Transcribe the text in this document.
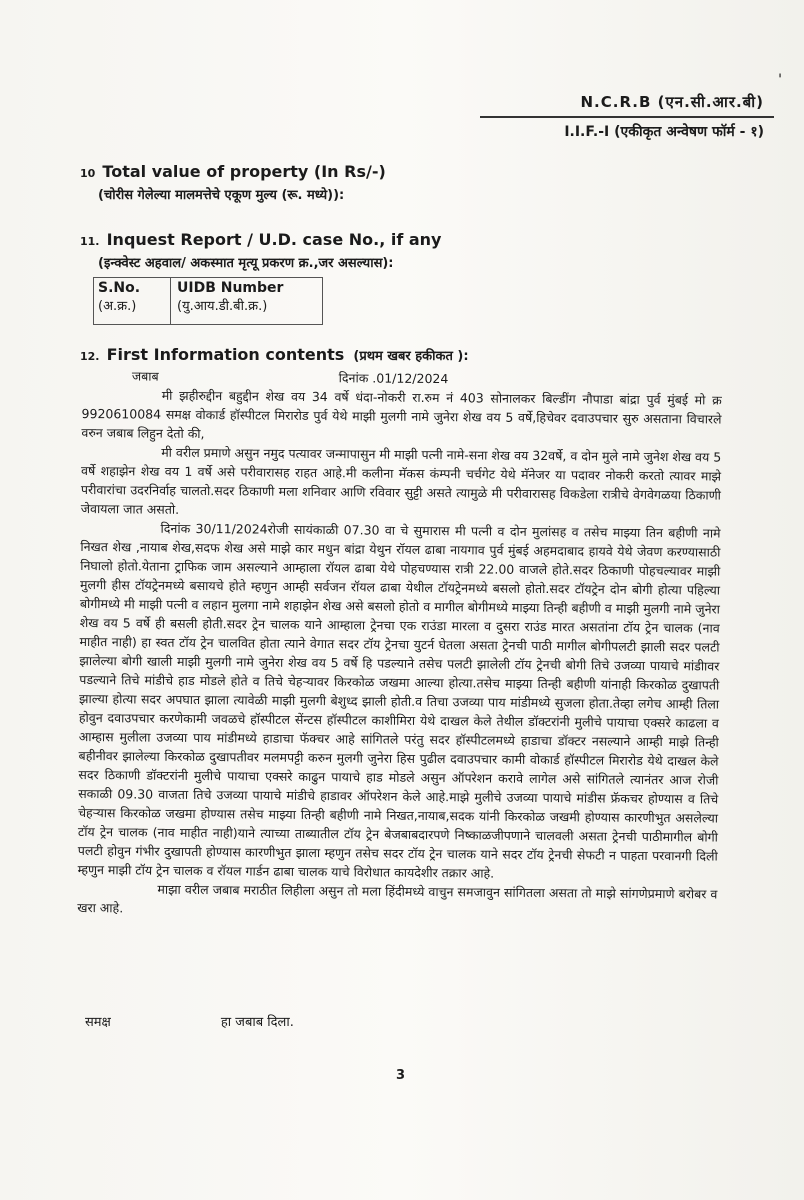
'
N.C.R.B (एन.सी.आर.बी)
I.I.F.-I (एकीकृत अन्वेषण फॉर्म - १)
10 Total value of property (In Rs/-)
(चोरीस गेलेल्या मालमत्तेचे एकूण मुल्य (रू. मध्ये)):
11. Inquest Report / U.D. case No., if any
(इन्क्वेस्ट अहवाल/ अकस्मात मृत्यू प्रकरण क्र.,जर असल्यास):
S.No.
(अ.क्र.)
UIDB Number
(यु.आय.डी.बी.क्र.)
12. First Information contents (प्रथम खबर हकीकत ):

जबाब	दिनांक .01/12/2024

मी झहीरुद्दीन बहुद्दीन शेख वय 34 वर्षे धंदा-नोकरी रा.रुम नं 403 सोनालकर बिल्डींग नौपाडा बांद्रा पुर्व मुंबई मो क्र 9920610084 समक्ष वोकार्ड हॉस्पीटल मिरारोड पुर्व येथे माझी मुलगी नामे जुनेरा शेख वय 5 वर्षे,हिचेवर दवाउपचार सुरु असताना विचारले वरुन जबाब लिहुन देतो की,

मी वरील प्रमाणे असुन नमुद पत्यावर जन्मापासुन मी माझी पत्नी नामे-सना शेख वय 32वर्षे, व दोन मुले नामे जुनेश शेख वय 5 वर्षे शहाझेन शेख वय 1 वर्षे असे परीवारासह राहत आहे.मी कलीना मॅकस कंम्पनी चर्चगेट येथे मॅनेजर या पदावर नोकरी करतो त्यावर माझे परीवारांचा उदरनिर्वाह चालतो.सदर ठिकाणी मला शनिवार आणि रविवार सुट्टी असते त्यामुळे मी परीवारासह विकडेला रात्रीचे वेगवेगळया ठिकाणी जेवायला जात असतो.

दिनांक 30/11/2024रोजी सायंकाळी 07.30 वा चे सुमारास मी पत्नी व दोन मुलांसह व तसेच माझ्या तिन बहीणी नामे निखत शेख ,नायाब शेख,सदफ शेख असे माझे कार मधुन बांद्रा येथुन रॉयल ढाबा नायगाव पुर्व मुंबई अहमदाबाद हायवे येथे जेवण करण्यासाठी निघालो होतो.येताना ट्राफिक जाम असल्याने आम्हाला रॉयल ढाबा येथे पोहचण्यास रात्री 22.00 वाजले होते.सदर ठिकाणी पोहचल्यावर माझी मुलगी हीस टॉयट्रेनमध्ये बसायचे होते म्हणुन आम्ही सर्वजन रॉयल ढाबा येथील टॉयट्रेनमध्ये बसलो होतो.सदर टॉयट्रेन दोन बोगी होत्या पहिल्या बोगीमध्ये मी माझी पत्नी व लहान मुलगा नामे शहाझेन शेख असे बसलो होतो व मागील बोगीमध्ये माझ्या तिन्ही बहीणी व माझी मुलगी नामे जुनेरा शेख वय 5 वर्षे ही बसली होती.सदर ट्रेन चालक याने आम्हाला ट्रेनचा एक राउंडा मारला व दुसरा राउंड मारत असतांना टॉय ट्रेन चालक (नाव माहीत नाही) हा स्वत टॉय ट्रेन चालवित होता त्याने वेगात सदर टॉय ट्रेनचा युटर्न घेतला असता ट्रेनची पाठी मागील बोगीपलटी झाली सदर पलटी झालेल्या बोगी खाली माझी मुलगी नामे जुनेरा शेख वय 5 वर्षे हि पडल्याने तसेच पलटी झालेली टॉय ट्रेनची बोगी तिचे उजव्या पायाचे मांडीावर पडल्याने तिचे मांडीचे हाड मोडले होते व तिचे चेहऱ्यावर किरकोळ जखमा आल्या होत्या.तसेच माझ्या तिन्ही बहीणी यांनाही किरकोळ दुखापती झाल्या होत्या सदर अपघात झाला त्यावेळी माझी मुलगी बेशुध्द झाली होती.व तिचा उजव्या पाय मांडीमध्ये सुजला होता.तेव्हा लगेच आम्ही तिला होवुन दवाउपचार करणेकामी जवळचे हॉस्पीटल सेंन्टस हॉस्पीटल काशीमिरा येथे दाखल केले तेथील डॉक्टरांनी मुलीचे पायाचा एक्सरे काढला व आम्हास मुलीला उजव्या पाय मांडीमध्ये हाडाचा फॅक्चर आहे सांगितले परंतु सदर हॉस्पीटलमध्ये हाडाचा डॉक्टर नसल्याने आम्ही माझे तिन्ही बहीनीवर झालेल्या किरकोळ दुखापतीवर मलमपट्टी करुन मुलगी जुनेरा हिस पुढील दवाउपचार कामी वोकार्ड हॉस्पीटल मिरारोड येथे दाखल केले सदर ठिकाणी डॉक्टरांनी मुलीचे पायाचा एक्सरे काढुन पायाचे हाड मोडले असुन ऑपरेशन करावे लागेल असे सांगितले त्यानंतर आज रोजी सकाळी 09.30 वाजता तिचे उजव्या पायाचे मांडीचे हाडावर ऑपरेशन केले आहे.माझे मुलीचे उजव्या पायाचे मांडीस फ्रॅकचर होण्यास व तिचे चेहऱ्यास किरकोळ जखमा होण्यास तसेच माझ्या तिन्ही बहीणी नामे निखत,नायाब,सदक यांनी किरकोळ जखमी होण्यास कारणीभुत असलेल्या टॉय ट्रेन चालक (नाव माहीत नाही)याने त्याच्या ताब्यातील टॉय ट्रेन बेजबाबदारपणे निष्काळजीपणाने चालवली असता ट्रेनची पाठीमागील बोगी पलटी होवुन गंभीर दुखापती होण्यास कारणीभुत झाला म्हणुन तसेच सदर टॉय ट्रेन चालक याने सदर टॉय ट्रेनची सेफटी न पाहता परवानगी दिली म्हणुन माझी टॉय ट्रेन चालक व रॉयल गार्डन ढाबा चालक याचे विरोधात कायदेशीर तक्रार आहे.

माझा वरील जबाब मराठीत लिहीला असुन तो मला हिंदीमध्ये वाचुन समजावुन सांगितला असता तो माझे सांगणेप्रमाणे बरोबर व खरा आहे.

समक्ष	हा जबाब दिला.
3
